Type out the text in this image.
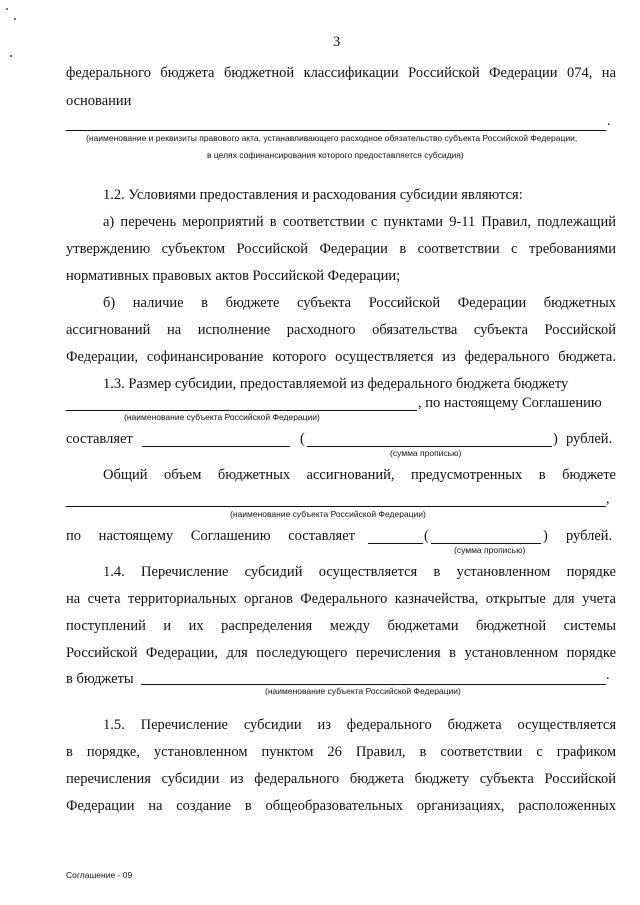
3
федерального бюджета бюджетной классификации Российской Федерации 074, на
основании
.
(наименование и реквизиты правового акта, устанавливающего расходное обязательство субъекта Российской Федерации,
в целях софинансирования которого предоставляется субсидия)
1.2. Условиями предоставления и расходования субсидии являются:
а) перечень мероприятий в соответствии с пунктами 9-11 Правил, подлежащий
утверждению субъектом Российской Федерации в соответствии с требованиями
нормативных правовых актов Российской Федерации;
б) наличие в бюджете субъекта Российской Федерации бюджетных
ассигнований на исполнение расходного обязательства субъекта Российской
Федерации, софинансирование которого осуществляется из федерального бюджета.
1.3. Размер субсидии, предоставляемой из федерального бюджета бюджету
, по настоящему Соглашению
(наименование субъекта Российской Федерации)
составляет	(	) рублей.
(сумма прописью)
Общий объем бюджетных ассигнований, предусмотренных в бюджете
,
(наименование субъекта Российской Федерации)
по настоящему Соглашению составляет	(	) рублей.
(сумма прописью)
1.4. Перечисление субсидий осуществляется в установленном порядке
на счета территориальных органов Федерального казначейства, открытые для учета
поступлений и их распределения между бюджетами бюджетной системы
Российской Федерации, для последующего перечисления в установленном порядке
в бюджеты	.
(наименование субъекта Российской Федерации)
1.5. Перечисление субсидии из федерального бюджета осуществляется
в порядке, установленном пунктом 26 Правил, в соответствии с графиком
перечисления субсидии из федерального бюджета бюджету субъекта Российской
Федерации на создание в общеобразовательных организациях, расположенных
Соглашение - 09
